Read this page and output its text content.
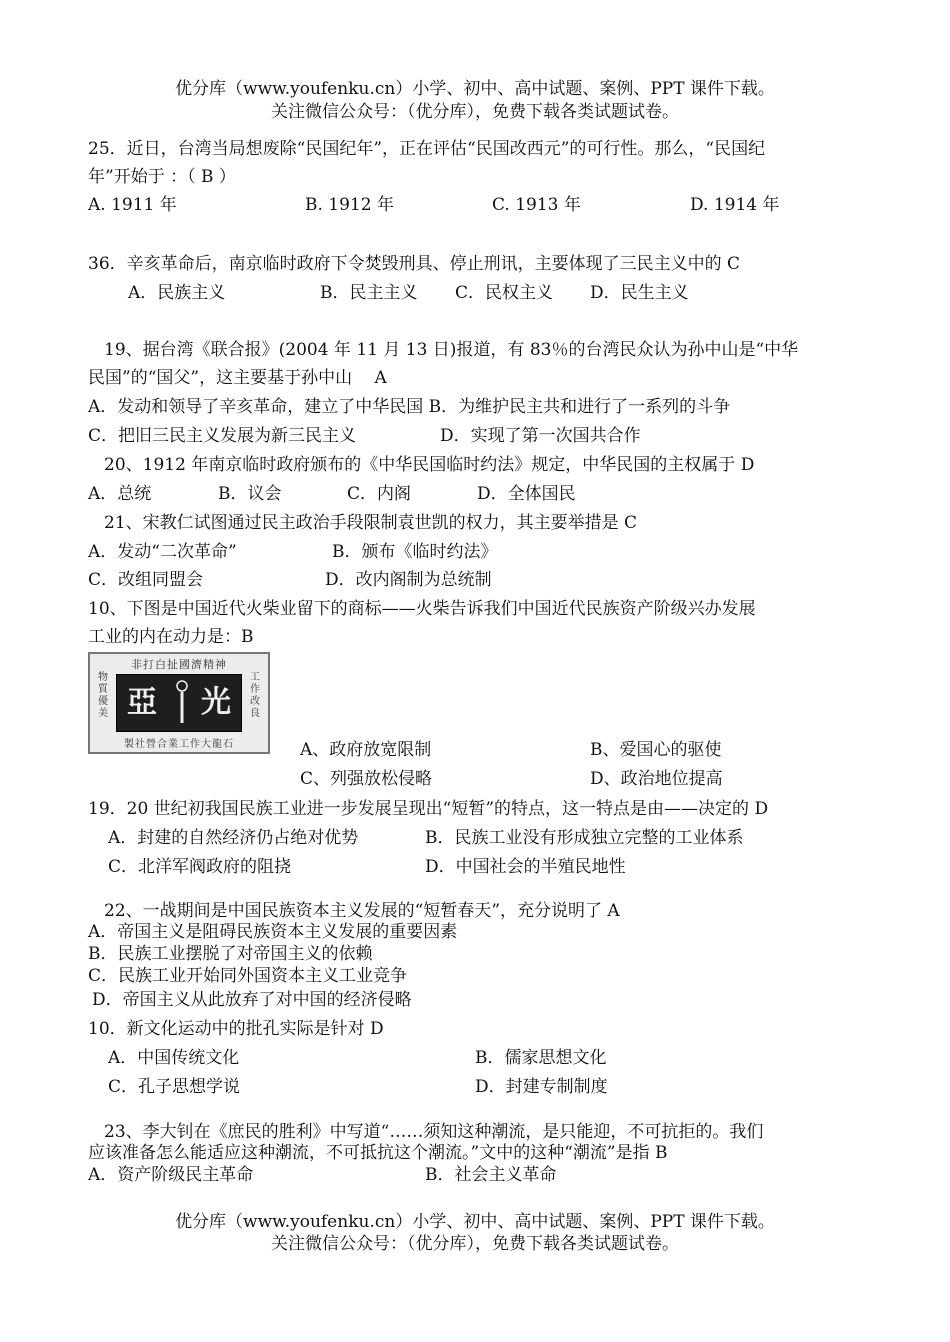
优分库（www.youfenku.cn）小学、初中、高中试题、案例、PPT 课件下载。
关注微信公众号：（优分库），免费下载各类试题试卷。
25．近日，台湾当局想废除“民国纪年”，正在评估“民国改西元”的可行性。那么，“民国纪
年”开始于 ：（ B ）
A. 1911 年	B. 1912 年	C. 1913 年	D. 1914 年
36．辛亥革命后，南京临时政府下令焚毁刑具、停止刑讯，主要体现了三民主义中的 C
A．民族主义	B．民主主义 C．民权主义 D．民生主义
19、据台湾《联合报》(2004 年 11 月 13 日)报道，有 83％的台湾民众认为孙中山是“中华
民国”的“国父”，这主要基于孙中山 　A
A．发动和领导了辛亥革命，建立了中华民国 B．为维护民主共和进行了一系列的斗争
C．把旧三民主义发展为新三民主义	D．实现了第一次国共合作
20、1912 年南京临时政府颁布的《中华民国临时约法》规定，中华民国的主权属于 D
A．总统	B．议会	C．内阁	D．全体国民
21、宋教仁试图通过民主政治手段限制袁世凯的权力，其主要举措是 C
A．发动“二次革命”	B．颁布《临时约法》
C．改组同盟会	D．改内阁制为总统制
10、下图是中国近代火柴业留下的商标——火柴告诉我们中国近代民族资产阶级兴办发展
工业的内在动力是：B
非打白扯國濟精神
物質優美
工作改良
亞 光
製社營合業工作大龍石	A、政府放宽限制	B、爱国心的驱使
C、列强放松侵略	D、政治地位提高
19．20 世纪初我国民族工业进一步发展呈现出“短暂”的特点，这一特点是由——决定的 D
A．封建的自然经济仍占绝对优势	B．民族工业没有形成独立完整的工业体系
C．北洋军阀政府的阻挠	D．中国社会的半殖民地性
22、一战期间是中国民族资本主义发展的“短暂春天”，充分说明了 A
A．帝国主义是阻碍民族资本主义发展的重要因素
B．民族工业摆脱了对帝国主义的依赖
C．民族工业开始同外国资本主义工业竞争
D．帝国主义从此放弃了对中国的经济侵略
10．新文化运动中的批孔实际是针对 D
A．中国传统文化	B．儒家思想文化
C．孔子思想学说	D．封建专制制度
23、李大钊在《庶民的胜利》中写道“……须知这种潮流，是只能迎，不可抗拒的。我们
应该准备怎么能适应这种潮流，不可抵抗这个潮流。”文中的这种“潮流”是指 B
A．资产阶级民主革命	B．社会主义革命
优分库（www.youfenku.cn）小学、初中、高中试题、案例、PPT 课件下载。
关注微信公众号：（优分库），免费下载各类试题试卷。
